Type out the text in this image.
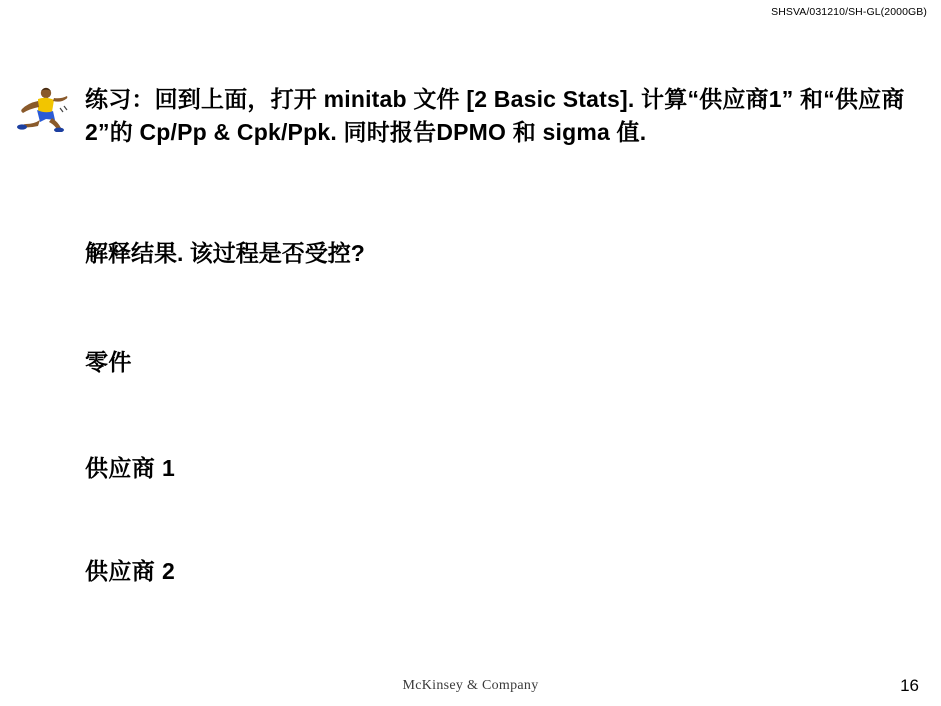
SHSVA/031210/SH-GL(2000GB)

练习：回到上面，打开 minitab 文件 [2 Basic Stats]. 计算“供应商1” 和“供应商2”的 Cp/Pp & Cpk/Ppk. 同时报告DPMO 和 sigma 值.

解释结果. 该过程是否受控?

零件
供应商 1
供应商 2
McKinsey & Company	16
